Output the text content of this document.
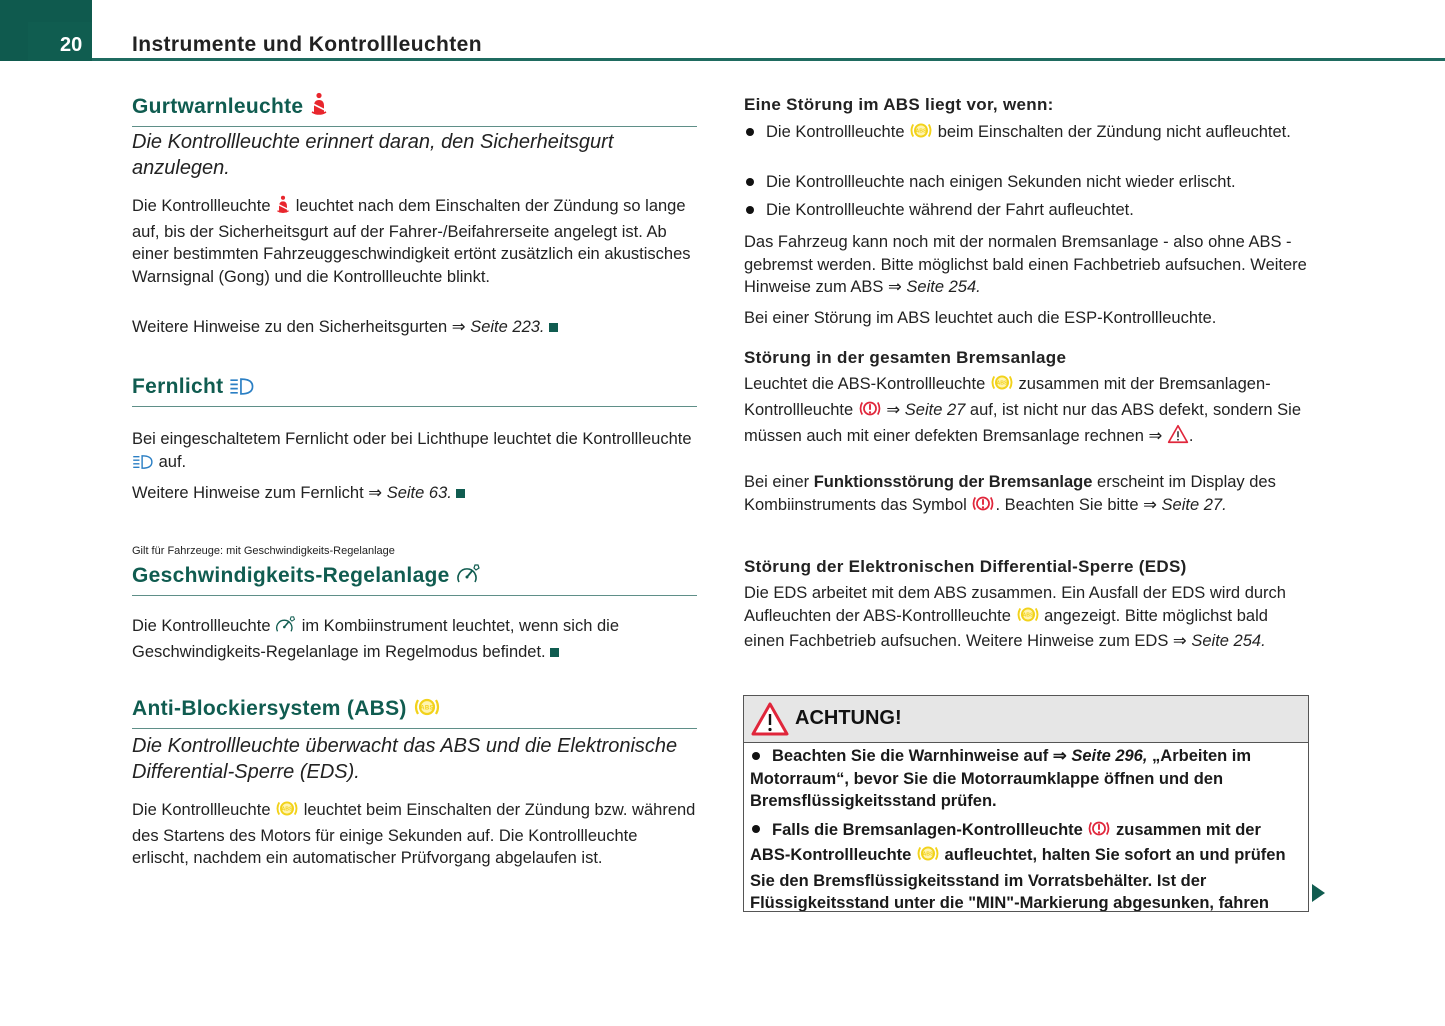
20 Instrumente und Kontrollleuchten
Gurtwarnleuchte
Die Kontrollleuchte erinnert daran, den Sicherheitsgurt anzulegen.
Die Kontrollleuchte leuchtet nach dem Einschalten der Zündung so lange auf, bis der Sicherheitsgurt auf der Fahrer-/Beifahrerseite angelegt ist. Ab einer bestimmten Fahrzeuggeschwindigkeit ertönt zusätzlich ein akustisches Warnsignal (Gong) und die Kontrollleuchte blinkt.
Weitere Hinweise zu den Sicherheitsgurten ⇒ Seite 223.
Fernlicht
Bei eingeschaltetem Fernlicht oder bei Lichthupe leuchtet die Kontrollleuchte  auf.
Weitere Hinweise zum Fernlicht ⇒ Seite 63.
Gilt für Fahrzeuge: mit Geschwindigkeits-Regelanlage
Geschwindigkeits-Regelanlage
Die Kontrollleuchte im Kombiinstrument leuchtet, wenn sich die Geschwindigkeits-Regelanlage im Regelmodus befindet.
Anti-Blockiersystem (ABS)
Die Kontrollleuchte überwacht das ABS und die Elektronische Differential-Sperre (EDS).
Die Kontrollleuchte leuchtet beim Einschalten der Zündung bzw. während des Startens des Motors für einige Sekunden auf. Die Kontrollleuchte erlischt, nachdem ein automatischer Prüfvorgang abgelaufen ist.
Eine Störung im ABS liegt vor, wenn:
Die Kontrollleuchte beim Einschalten der Zündung nicht aufleuchtet.
Die Kontrollleuchte nach einigen Sekunden nicht wieder erlischt.
Die Kontrollleuchte während der Fahrt aufleuchtet.
Das Fahrzeug kann noch mit der normalen Bremsanlage - also ohne ABS - gebremst werden. Bitte möglichst bald einen Fachbetrieb aufsuchen. Weitere Hinweise zum ABS ⇒ Seite 254.
Bei einer Störung im ABS leuchtet auch die ESP-Kontrollleuchte.
Störung in der gesamten Bremsanlage
Leuchtet die ABS-Kontrollleuchte zusammen mit der Bremsanlagen-Kontrollleuchte ⇒ Seite 27 auf, ist nicht nur das ABS defekt, sondern Sie müssen auch mit einer defekten Bremsanlage rechnen ⇒ .
Bei einer Funktionsstörung der Bremsanlage erscheint im Display des Kombiinstruments das Symbol . Beachten Sie bitte ⇒ Seite 27.
Störung der Elektronischen Differential-Sperre (EDS)
Die EDS arbeitet mit dem ABS zusammen. Ein Ausfall der EDS wird durch Aufleuchten der ABS-Kontrollleuchte angezeigt. Bitte möglichst bald einen Fachbetrieb aufsuchen. Weitere Hinweise zum EDS ⇒ Seite 254.
ACHTUNG!

Beachten Sie die Warnhinweise auf ⇒ Seite 296, „Arbeiten im Motorraum“, bevor Sie die Motorraumklappe öffnen und den Bremsflüssigkeitsstand prüfen.

Falls die Bremsanlagen-Kontrollleuchte zusammen mit der ABS-Kontrollleuchte aufleuchtet, halten Sie sofort an und prüfen Sie den Bremsflüssigkeitsstand im Vorratsbehälter. Ist der Flüssigkeitsstand unter die "MIN"-Markierung abgesunken, fahren
